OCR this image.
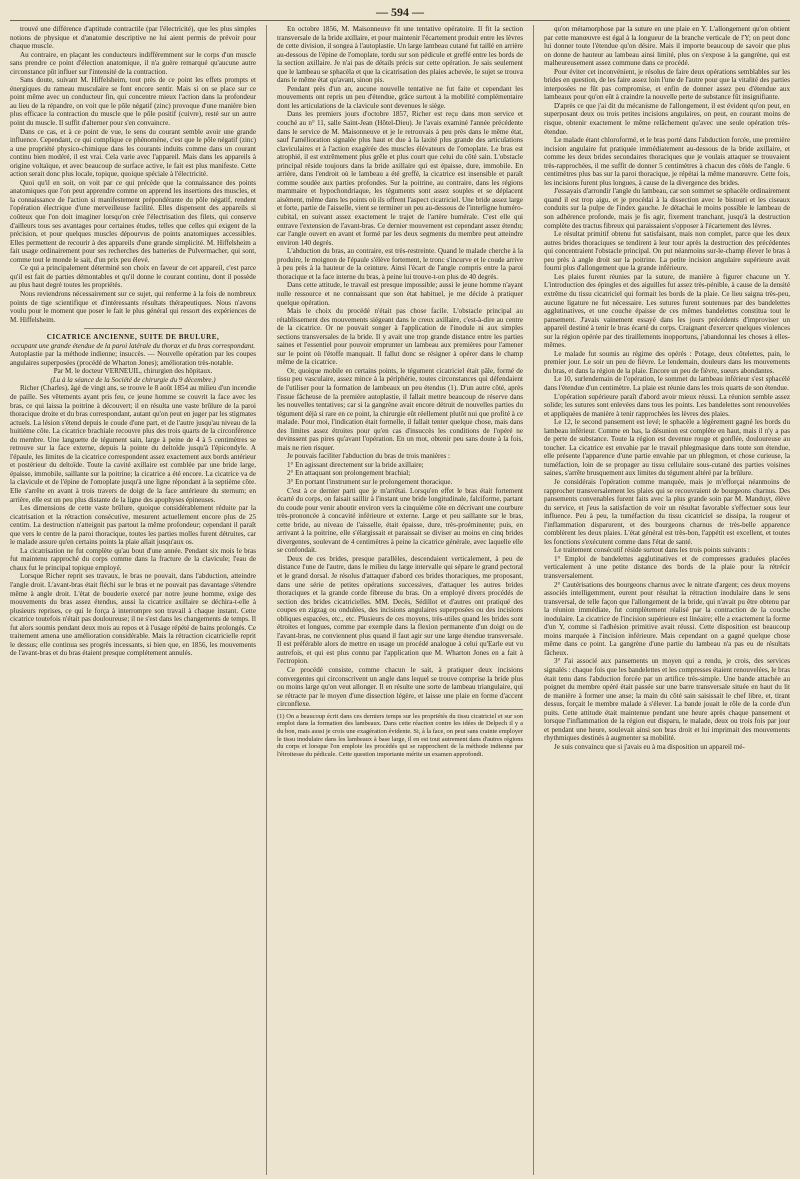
— 594 —

trouvé une différence d'aptitude contractile (par l'électricité), que les plus simples notions de physique et d'anatomie descriptive ne lui aient permis de prévoir pour chaque muscle.

Au contraire, en plaçant les conducteurs indifféremment sur le corps d'un muscle sans prendre ce point d'élection anatomique, il n'a guère remarqué qu'aucune autre circonstance pût influer sur l'intensité de la contraction.

Sans doute, suivant M. Hiffelsheim, tout près de ce point les effets prompts et énergiques du rameau musculaire se font encore sentir. Mais si on se place sur ce point même avec un conducteur fin, qui concentre mieux l'action dans la profondeur au lieu de la répandre, on voit que le pôle négatif (zinc) provoque d'une manière bien plus efficace la contraction du muscle que le pôle positif (cuivre), resté sur un autre point du muscle. Il suffit d'alterner pour s'en convaincre.

Dans ce cas, et à ce point de vue, le sens du courant semble avoir une grande influence. Cependant, ce qui complique ce phénomène, c'est que le pôle négatif (zinc) a une propriété physico-chimique dans les courants induits comme dans un courant continu bien modéré, il est vrai. Cela varie avec l'appareil. Mais dans les appareils à origine voltaïque, et avec beaucoup de surface active, le fait est plus manifeste. Cette action serait donc plus locale, topique, quoique spéciale à l'électricité.

Quoi qu'il en soit, on voit par ce qui précède que la connaissance des points anatomiques que l'on peut apprendre comme on apprend les insertions des muscles, et la connaissance de l'action si manifestement prépondérante du pôle négatif, rendent l'opération électrique d'une merveilleuse facilité. Elles dispensent des appareils si coûteux que l'on doit imaginer lorsqu'on crée l'électrisation des filets, qui conserve d'ailleurs tous ses avantages pour certaines études, telles que celles qui exigent de la précision, et pour quelques muscles dépourvus de points anatomiques accessibles. Elles permettent de recourir à des appareils d'une grande simplicité. M. Hiffelsheim a fait usage ordinairement pour ses recherches des batteries de Pulvermacher, qui sont, comme tout le monde le sait, d'un prix peu élevé.

Ce qui a principalement déterminé son choix en faveur de cet appareil, c'est parce qu'il est fait de parties démontables et qu'il donne le courant continu, dont il possède au plus haut degré toutes les propriétés.

Nous reviendrons nécessairement sur ce sujet, qui renferme à la fois de nombreux points de tige scientifique et d'intéressants résultats thérapeutiques. Nous n'avons voulu pour le moment que poser le fait le plus général qui ressort des expériences de M. Hiffelsheim.

CICATRICE ANCIENNE, SUITE DE BRULURE,

occupant une grande étendue de la paroi latérale du thorax et du bras correspondant.

Autoplastie par la méthode indienne; insuccès. — Nouvelle opération par les coupes angulaires superposées (procédé de Wharton Jones); amélioration très-notable.

Par M. le docteur VERNEUIL, chirurgien des hôpitaux.

(Lu à la séance de la Société de chirurgie du 9 décembre.)

Richer (Charles), âgé de vingt ans, se trouve le 8 août 1854 au milieu d'un incendie de paille. Ses vêtements ayant pris feu, ce jeune homme se couvrit la face avec les bras, ce qui laissa la poitrine à découvert; il en résulta une vaste brûlure de la paroi thoracique droite et du bras correspondant, autant qu'on peut en juger par les stigmates actuels. La lésion s'étend depuis le coude d'une part, et de l'autre jusqu'au niveau de la huitième côte. La cicatrice brachiale recouvre plus des trois quarts de la circonférence du membre. Une languette de tégument sain, large à peine de 4 à 5 centimètres se retrouve sur la face externe, depuis la pointe du deltoïde jusqu'à l'épicondyle. A l'épaule, les limites de la cicatrice correspondent assez exactement aux bords antérieur et postérieur du deltoïde. Toute la cavité axillaire est comblée par une bride large, épaisse, immobile, saillante sur la poitrine; la cicatrice a été encore. La cicatrice va de la clavicule et de l'épine de l'omoplate jusqu'à une ligne répondant à la septième côte. Elle s'arrête en avant à trois travers de doigt de la face antérieure du sternum; en arrière, elle est un peu plus distante de la ligne des apophyses épineuses.

Les dimensions de cette vaste brûlure, quoique considérablement réduite par la cicatrisation et la rétraction consécutive, mesurent actuellement encore plus de 25 centim. La destruction n'atteignit pas partout la même profondeur; cependant il paraît que vers le centre de la paroi thoracique, toutes les parties molles furent détruites, car le malade assure qu'en certains points la plaie allait jusqu'aux os.

La cicatrisation ne fut complète qu'au bout d'une année. Pendant six mois le bras fut maintenu rapproché du corps comme dans la fracture de la clavicule; l'eau de chaux fut le principal topique employé.

Lorsque Richer reprit ses travaux, le bras ne pouvait, dans l'abduction, atteindre l'angle droit. L'avant-bras était fléchi sur le bras et ne pouvait pas davantage s'étendre même à angle droit. L'état de bouderie exercé par notre jeune homme, exige des mouvements du bras assez étendus, aussi la cicatrice axillaire se déchira-t-elle à plusieurs reprises, ce qui le força à interrompre son travail à chaque instant. Cette cicatrice toutefois n'était pas douloureuse; il ne s'est dans les changements de temps. Il fut alors soumis pendant deux mois au repos et à l'usage répété de bains prolongés. Ce traitement amena une amélioration considérable. Mais la rétraction cicatricielle reprit le dessus; elle continua ses progrès incessants, si bien que, en 1856, les mouvements de l'avant-bras et du bras étaient presque complétement annulés.

En octobre 1856, M. Maisonneuve fit une tentative opératoire. Il fit la section transversale de la bride axillaire, et pour maintenir l'écartement produit entre les lèvres de cette division, il songea à l'autoplastie. Un large lambeau cutané fut taillé en arrière au-dessous de l'épine de l'omoplate, tordu sur son pédicule et greffé entre les bords de la section axillaire. Je n'ai pas de détails précis sur cette opération. Je sais seulement que le lambeau se sphacéla et que la cicatrisation des plaies achevée, le sujet se trouva dans le même état qu'avant, sinon pis.

Pendant près d'un an, aucune nouvelle tentative ne fut faite et cependant les mouvements ont repris un peu d'étendue, grâce surtout à la mobilité complémentaire dont les articulations de la clavicule sont devenues le siège.

Dans les premiers jours d'octobre 1857, Richer est reçu dans mon service et couché au n° 11, salle Saint-Jean (Hôtel-Dieu). Je l'avais examiné l'année précédente dans le service de M. Maisonneuve et je le retrouvais à peu près dans le même état, sauf l'amélioration signalée plus haut et due à la laxité plus grande des articulations claviculaires et à l'action exagérée des muscles élévateurs de l'omoplate. Le bras est atrophié, il est extrêmement plus grêle et plus court que celui du côté sain. L'obstacle principal réside toujours dans la bride axillaire qui est épaisse, dure, immobile. En arrière, dans l'endroit où le lambeau a été greffé, la cicatrice est insensible et paraît comme soudée aux parties profondes. Sur la poitrine, au contraire, dans les régions mammaire et hypochondriaque, les téguments sont assez souples et se déplacent aisément, même dans les points où ils offrent l'aspect cicatriciel. Une bride assez large et forte, partie de l'aisselle, vient se terminer un peu au-dessous de l'interligne huméro-cubital, en suivant assez exactement le trajet de l'artère humérale. C'est elle qui entrave l'extension de l'avant-bras. Ce dernier mouvement est cependant assez étendu; car l'angle ouvert en avant et formé par les deux segments du membre peut atteindre environ 140 degrés.

L'abduction du bras, au contraire, est très-restreinte. Quand le malade cherche à la produire, le moignon de l'épaule s'élève fortement, le tronc s'incurve et le coude arrive à peu près à la hauteur de la ceinture. Ainsi l'écart de l'angle compris entre la paroi thoracique et la face interne du bras, à peine lui trouve-t-on plus de 40 degrés.

Dans cette attitude, le travail est presque impossible; aussi le jeune homme n'ayant nulle ressource et ne connaissant que son état habituel, je me décide à pratiquer quelque opération.

Mais le choix du procédé n'était pas chose facile. L'obstacle principal au rétablissement des mouvements siégeant dans le creux axillaire, c'est-à-dire au centre de la cicatrice. Or ne pouvait songer à l'application de l'inodule ni aux simples sections transversales de la bride. Il y avait une trop grande distance entre les parties saines et l'essentiel pour pouvoir emprunter un lambeau aux premières pour l'amener sur le point où l'étoffe manquait. Il fallut donc se résigner à opérer dans le champ même de la cicatrice.

Or, quoique mobile en certains points, le tégument cicatriciel était pâle, formé de tissu peu vasculaire, assez mince à la périphérie, toutes circonstances qui défendaient de l'utiliser pour la formation de lambeaux un peu étendus (1). D'un autre côté, après l'issue fâcheuse de la première autoplastie, il fallait mettre beaucoup de réserve dans les nouvelles tentatives; car si la gangrène avait encore détruit de nouvelles parties du tégument déjà si rare en ce point, la chirurgie eût réellement plutôt nui que profité à ce malade. Pour moi, l'indication était formelle, il fallait tenter quelque chose, mais dans des limites assez étroites pour qu'en cas d'insuccès les conditions de l'opéré ne devinssent pas pires qu'avant l'opération. En un mot, obtenir peu sans doute à la fois, mais ne rien risquer.

Je pouvais faciliter l'abduction du bras de trois manières :

1° En agissant directement sur la bride axillaire;

2° En attaquant son prolongement brachial;

3° En portant l'instrument sur le prolongement thoracique.

C'est à ce dernier parti que je m'arrêtai. Lorsqu'en effet le bras était fortement écarté du corps, on faisait saillir à l'instant une bride longitudinale, falciforme, partant du coude pour venir aboutir environ vers la cinquième côte en décrivant une courbure très-prononcée à concavité inférieure et externe. Large et peu saillante sur le bras, cette bride, au niveau de l'aisselle, était épaisse, dure, très-proéminente; puis, en arrivant à la poitrine, elle s'élargissait et paraissait se diviser au moins en cinq brides divergentes, soulevant de 4 centimètres à peine la cicatrice générale, avec laquelle elle se confondait.

Deux de ces brides, presque parallèles, descendaient verticalement, à peu de distance l'une de l'autre, dans le milieu du large intervalle qui sépare le grand pectoral et le grand dorsal. Je résolus d'attaquer d'abord ces brides thoraciques, me proposant, dans une série de petites opérations successives, d'attaquer les autres brides thoraciques et la grande corde fibreuse du bras. On a employé divers procédés de section des brides cicatricielles. MM. Decès, Sédillot et d'autres ont pratiqué des coupes en zigzag ou ondulées, des incisions angulaires superposées ou des incisions obliques espacées, etc., etc. Plusieurs de ces moyens, très-utiles quand les brides sont étroites et longues, comme par exemple dans la flexion permanente d'un doigt ou de l'avant-bras, ne conviennent plus quand il faut agir sur une large étendue transversale. Il est préférable alors de mettre en usage un procédé analogue à celui qu'Earle eut vu autrefois, et qui est plus connu par l'application que M. Wharton Jones en a fait à l'ectropion.

Ce procédé consiste, comme chacun le sait, à pratiquer deux incisions convergentes qui circonscrivent un angle dans lequel se trouve comprise la bride plus ou moins large qu'on veut allonger. Il en résulte une sorte de lambeau triangulaire, qui se rétracte par le moyen d'une dissection légère, et laisse une plaie en forme d'accent circonflexe.

(1) On a beaucoup écrit dans ces derniers temps sur les propriétés du tissu cicatriciel et sur son emploi dans la formation des lambeaux. Dans cette réaction contre les idées de Delpech il y a du bon, mais aussi je crois une exagération évidente. Si, à la face, on peut sans crainte employer le tissu inodulaire dans les lambeaux à base large, il en est tout autrement dans d'autres régions du corps et lorsque l'on emploie les procédés qui se rapprochent de la méthode indienne par l'étroitesse du pédicule. Cette question importante mérite un examen approfondi.

qu'on métamorphose par la suture en une plaie en Y. L'allongement qu'on obtient par cette manœuvre est égal à la longueur de la branche verticale de l'Y; on peut donc lui donner toute l'étendue qu'on désire. Mais il importe beaucoup de savoir que plus on donne de hauteur au lambeau ainsi limité, plus on s'expose à la gangrène, qui est malheureusement assez commune dans ce procédé.

Pour éviter cet inconvénient, je résolus de faire deux opérations semblables sur les brides en question, de les faire assez loin l'une de l'autre pour que la vitalité des parties interposées ne fût pas compromise, et enfin de donner assez peu d'étendue aux lambeaux pour qu'on eût à craindre la nouvelle perte de substance fût insignifiante.

D'après ce que j'ai dit du mécanisme de l'allongement, il est évident qu'on peut, en superposant deux ou trois petites incisions angulaires, on peut, en courant moins de risque, obtenir exactement le même relâchement qu'avec une seule opération très-étendue.

Le malade étant chloroformé, et le bras porté dans l'abduction forcée, une première incision angulaire fut pratiquée immédiatement au-dessous de la bride axillaire, et comme les deux brides secondaires thoraciques que je voulais attaquer se trouvaient très-rapprochées, il me suffit de donner 5 centimètres à chacun des côtés de l'angle. 6 centimètres plus bas sur la paroi thoracique, je répétai la même manœuvre. Cette fois, les incisions furent plus longues, à cause de la divergence des brides.

J'essayais d'arrondir l'angle du lambeau, car son sommet se sphacèle ordinairement quand il est trop aigu, et je procédai à la dissection avec le bistouri et les ciseaux conduits sur la pulpe de l'index gauche. Je détachai le moins possible le lambeau de son adhérence profonde, mais je fis agir, fixement tranchant, jusqu'à la destruction complète des tractus fibreux qui paraissaient s'opposer à l'écartement des lèvres.

Le résultat primitif obtenu fut satisfaisant, mais non complet, parce que les deux autres brides thoraciques se tendirent à leur tour après la destruction des précédentes qui concentraient l'obstacle principal. On put néanmoins sur-le-champ élever le bras à peu près à angle droit sur la poitrine. La petite incision angulaire supérieure avait fourni plus d'allongement que la grande inférieure.

Les plaies furent réunies par la suture, de manière à figurer chacune un Y. L'introduction des épingles et des aiguilles fut assez très-pénible, à cause de la densité extrême du tissu cicatriciel qui formait les bords de la plaie. Ce lieu saigna très-peu, aucune ligature ne fut nécessaire. Les sutures furent soutenues par des bandelettes agglutinatives, et une couche épaisse de ces mêmes bandelettes constitua tout le pansement. J'avais vainement essayé dans les jours précédents d'improviser un appareil destiné à tenir le bras écarté du corps. Craignant d'exercer quelques violences sur la région opérée par des tiraillements inopportuns, j'abandonnai les choses à elles-mêmes.

Le malade fut soumis au régime des opérés : Potage, deux côtelettes, pain, le premier jour. Le soir un peu de fièvre. Le lendemain, douleurs dans les mouvements du bras, et dans la région de la plaie. Encore un peu de fièvre, sueurs abondantes.

Le 10, surlendemain de l'opération, le sommet du lambeau inférieur s'est sphacélé dans l'étendue d'un centimètre. La plaie est réunie dans les trois quarts de son étendue.

L'opération supérieure paraît d'abord avoir mieux réussi. La réunion semble assez solide; les sutures sont enlevées dans tous les points. Les bandelettes sont renouvelées et appliquées de manière à tenir rapprochées les lèvres des plaies.

Le 12, le second pansement est levé; le sphacèle a légèrement gagné les bords du lambeau inférieur. Comme en bas, la désunion est complète en haut, mais il n'y a pas de perte de substance. Toute la région est devenue rouge et gonflée, douloureuse au toucher. La cicatrice est envahie par le travail phlegmasique dans toute son étendue, elle présente l'apparence d'une partie envahie par un phlegmon, et chose curieuse, la tuméfaction, loin de se propager au tissu cellulaire sous-cutané des parties voisines saines, s'arrête brusquement aux limites du tégument altéré par la brûlure.

Je considérais l'opération comme manquée, mais je m'efforçai néanmoins de rapprocher transversalement les plaies qui se recouvraient de bourgeons charnus. Des pansements convenables furent faits avec la plus grande soin par M. Manduyt, élève du service, et j'eus la satisfaction de voir un résultat favorable s'effectuer sous leur influence. Peu à peu, la tuméfaction du tissu cicatriciel se dissipa, la rougeur et l'inflammation disparurent, et des bourgeons charnus de très-belle apparence comblèrent les deux plaies. L'état général est très-bon, l'appétit est excellent, et toutes les fonctions s'exécutent comme dans l'état de santé.

Le traitement consécutif réside surtout dans les trois points suivants :

1° Emploi de bandelettes agglutinatives et de compresses graduées placées verticalement à une petite distance des bords de la plaie pour la rétrécir transversalement.

2° Cautérisations des bourgeons charnus avec le nitrate d'argent; ces deux moyens associés intelligemment, eurent pour résultat la rétraction inodulaire dans le sens transversal, de telle façon que l'allongement de la bride, qui n'avait pu être obtenu par la réunion immédiate, fut complètement réalisé par la contraction de la couche inodulaire. La cicatrice de l'incision supérieure est linéaire; elle a exactement la forme d'un Y, comme si l'adhésion primitive avait réussi. Cette disposition est beaucoup moins marquée à l'incision inférieure. Mais cependant on a gagné quelque chose même dans ce point. La gangrène d'une partie du lambeau n'a pas eu de résultats fâcheux.

3° J'ai associé aux pansements un moyen qui a rendu, je crois, des services signalés : chaque fois que les bandelettes et les compresses étaient renouvelées, le bras était tenu dans l'abduction forcée par un artifice très-simple. Une bande attachée au poignet du membre opéré était passée sur une barre transversale située en haut du lit de manière à former une anse; la main du côté sain saisissait le chef libre, et, tirant dessus, forçait le membre malade à s'élever. La bande jouait le rôle de la corde d'un puits. Cette attitude était maintenue pendant une heure après chaque pansement et lorsque l'inflammation de la région eut disparu, le malade, deux ou trois fois par jour et pendant une heure, soulevait ainsi son bras droit et lui imprimait des mouvements rhythmiques destinés à augmenter sa mobilité.

Je suis convaincu que si j'avais eu à ma disposition un appareil mé-
